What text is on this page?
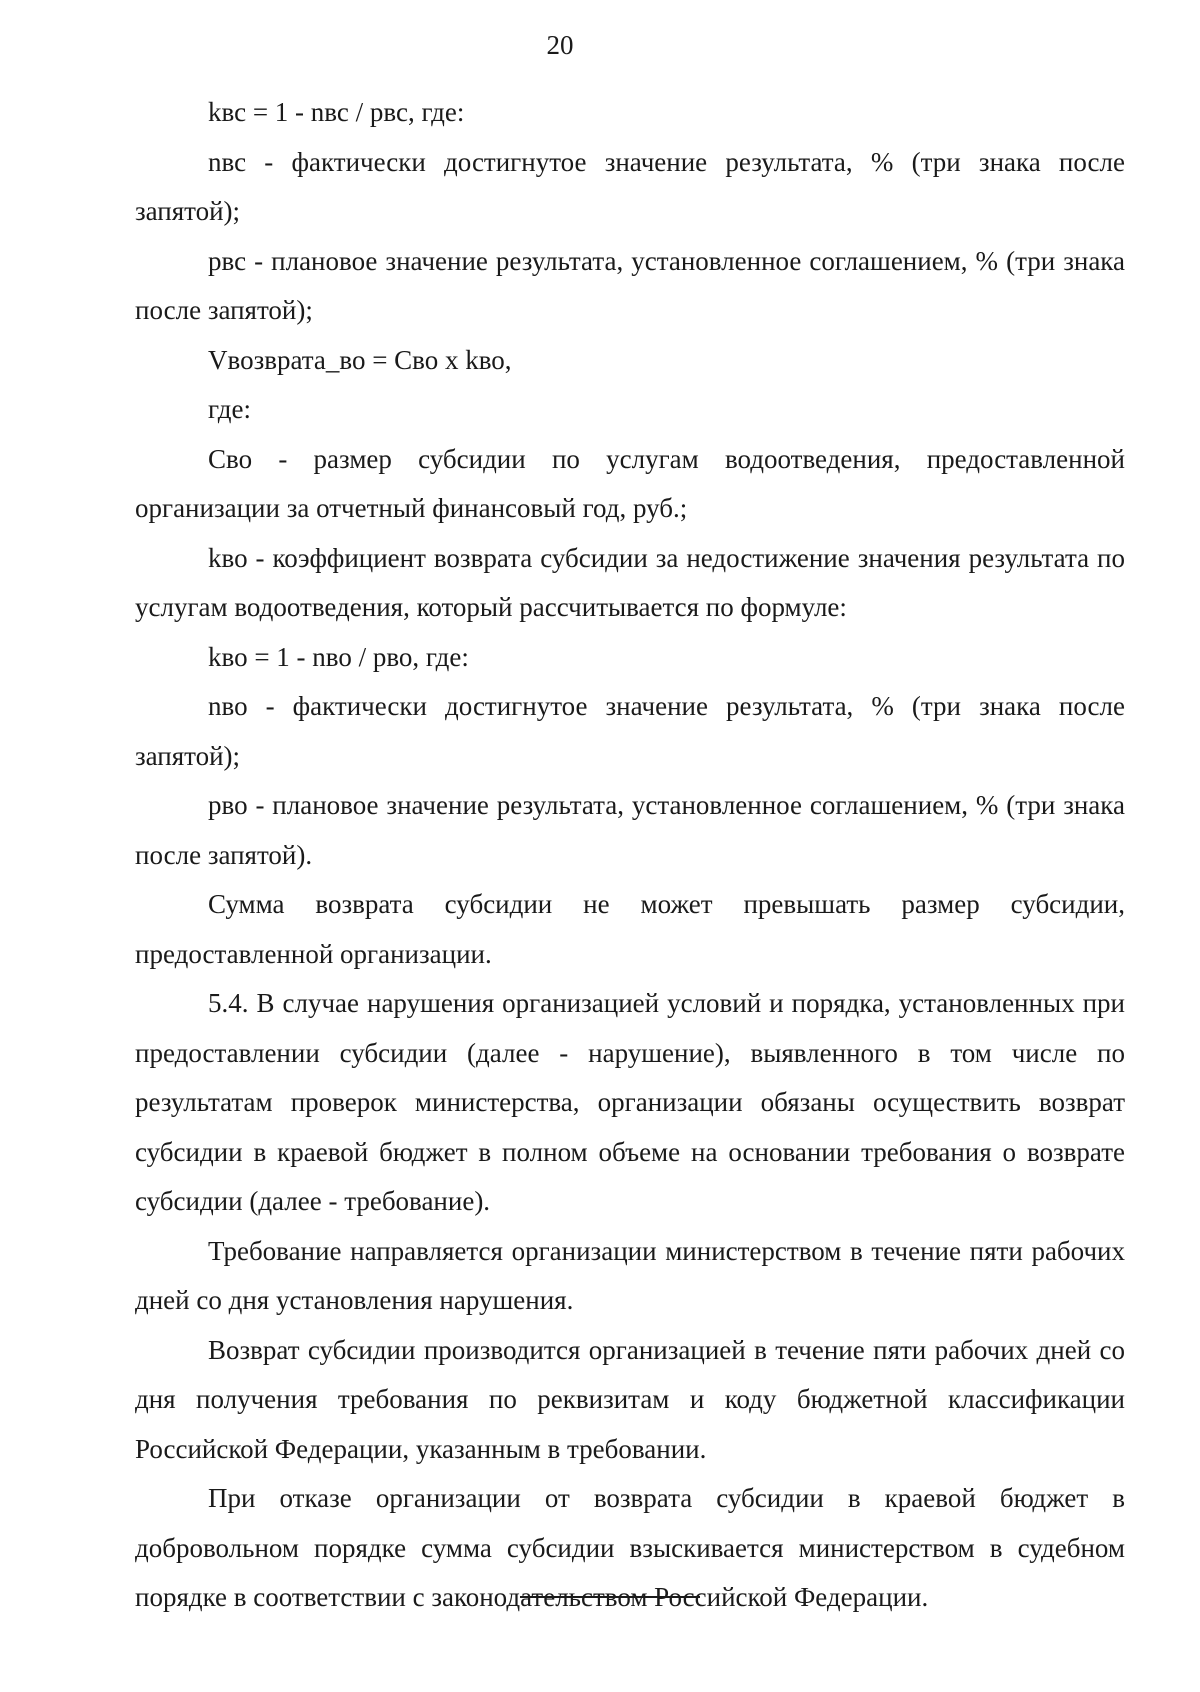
20

kвс = 1 - nвс / pвс, где:

nвс - фактически достигнутое значение результата, % (три знака после запятой);

pвс - плановое значение результата, установленное соглашением, % (три знака после запятой);

Vвозврата_во = Cво x kво,

где:

Cво - размер субсидии по услугам водоотведения, предоставленной организации за отчетный финансовый год, руб.;

kво - коэффициент возврата субсидии за недостижение значения результата по услугам водоотведения, который рассчитывается по формуле:

kво = 1 - nво / pво, где:

nво - фактически достигнутое значение результата, % (три знака после запятой);

pво - плановое значение результата, установленное соглашением, % (три знака после запятой).

Сумма возврата субсидии не может превышать размер субсидии, предоставленной организации.

5.4. В случае нарушения организацией условий и порядка, установленных при предоставлении субсидии (далее - нарушение), выявленного в том числе по результатам проверок министерства, организации обязаны осуществить возврат субсидии в краевой бюджет в полном объеме на основании требования о возврате субсидии (далее - требование).

Требование направляется организации министерством в течение пяти рабочих дней со дня установления нарушения.

Возврат субсидии производится организацией в течение пяти рабочих дней со дня получения требования по реквизитам и коду бюджетной классификации Российской Федерации, указанным в требовании.

При отказе организации от возврата субсидии в краевой бюджет в добровольном порядке сумма субсидии взыскивается министерством в судебном порядке в соответствии с законодательством Российской Федерации.
